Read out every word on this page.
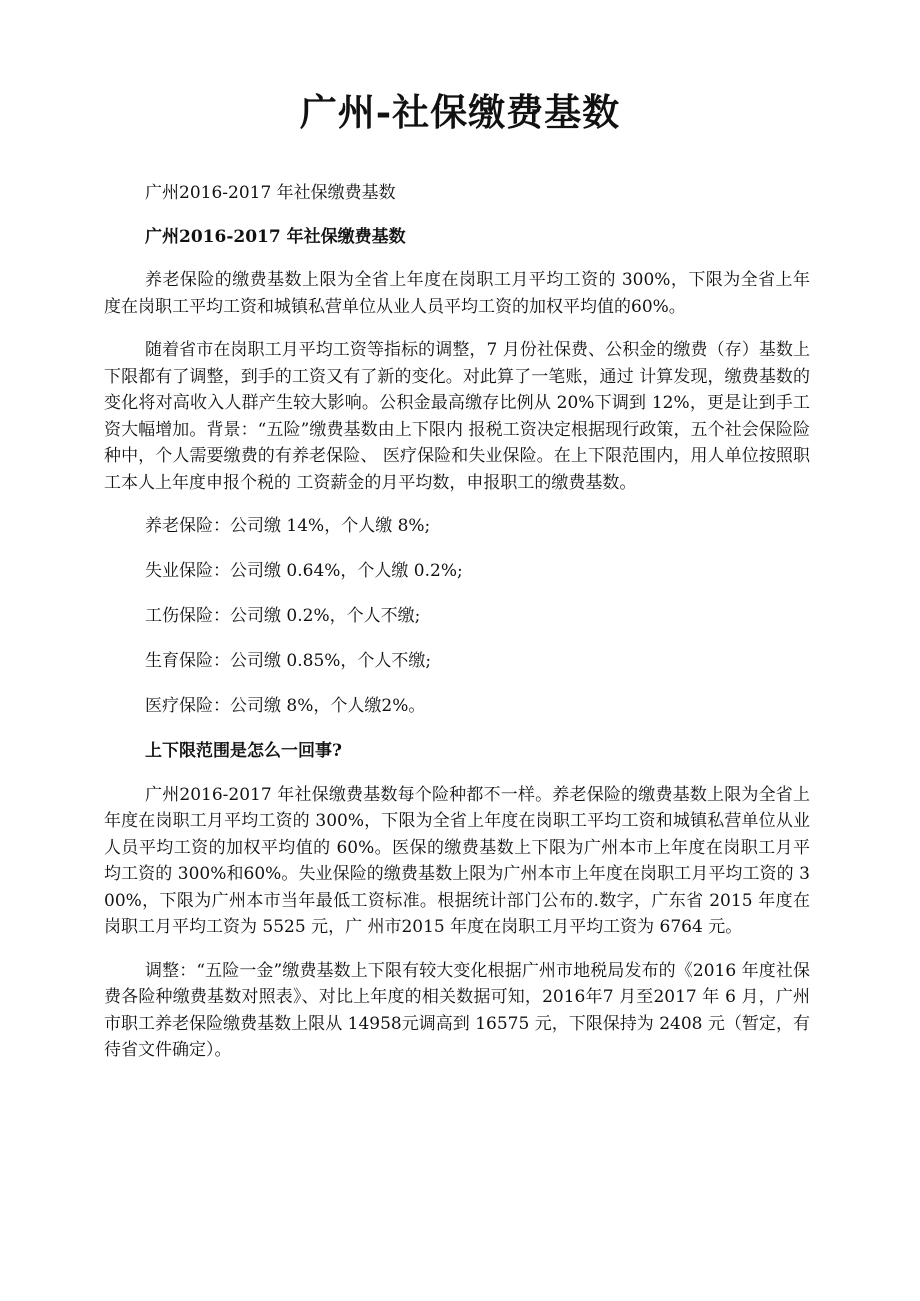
广州-社保缴费基数

广州2016-2017 年社保缴费基数

广州2016-2017 年社保缴费基数

养老保险的缴费基数上限为全省上年度在岗职工月平均工资的 300%，下限为全省上年度在岗职工平均工资和城镇私营单位从业人员平均工资的加权平均值的60%。

随着省市在岗职工月平均工资等指标的调整，7 月份社保费、公积金的缴费（存）基数上下限都有了调整，到手的工资又有了新的变化。对此算了一笔账，通过 计算发现，缴费基数的变化将对高收入人群产生较大影响。公积金最高缴存比例从 20%下调到 12%，更是让到手工资大幅增加。背景：“五险”缴费基数由上下限内 报税工资决定根据现行政策，五个社会保险险种中，个人需要缴费的有养老保险、 医疗保险和失业保险。在上下限范围内，用人单位按照职工本人上年度申报个税的 工资薪金的月平均数，申报职工的缴费基数。

养老保险：公司缴 14%，个人缴 8%;

失业保险：公司缴 0.64%，个人缴 0.2%;

工伤保险：公司缴 0.2%，个人不缴;

生育保险：公司缴 0.85%，个人不缴;

医疗保险：公司缴 8%，个人缴2%。

上下限范围是怎么一回事?

广州2016-2017 年社保缴费基数每个险种都不一样。养老保险的缴费基数上限为全省上年度在岗职工月平均工资的 300%，下限为全省上年度在岗职工平均工资和城镇私营单位从业人员平均工资的加权平均值的 60%。医保的缴费基数上下限为广州本市上年度在岗职工月平均工资的 300%和60%。失业保险的缴费基数上限为广州本市上年度在岗职工月平均工资的 300%，下限为广州本市当年最低工资标准。根据统计部门公布的.数字，广东省 2015 年度在岗职工月平均工资为 5525 元，广 州市2015 年度在岗职工月平均工资为 6764 元。

调整：“五险一金”缴费基数上下限有较大变化根据广州市地税局发布的《2016 年度社保费各险种缴费基数对照表》、对比上年度的相关数据可知，2016年7 月至2017 年 6 月，广州市职工养老保险缴费基数上限从 14958元调高到 16575 元，下限保持为 2408 元（暂定，有待省文件确定）。
